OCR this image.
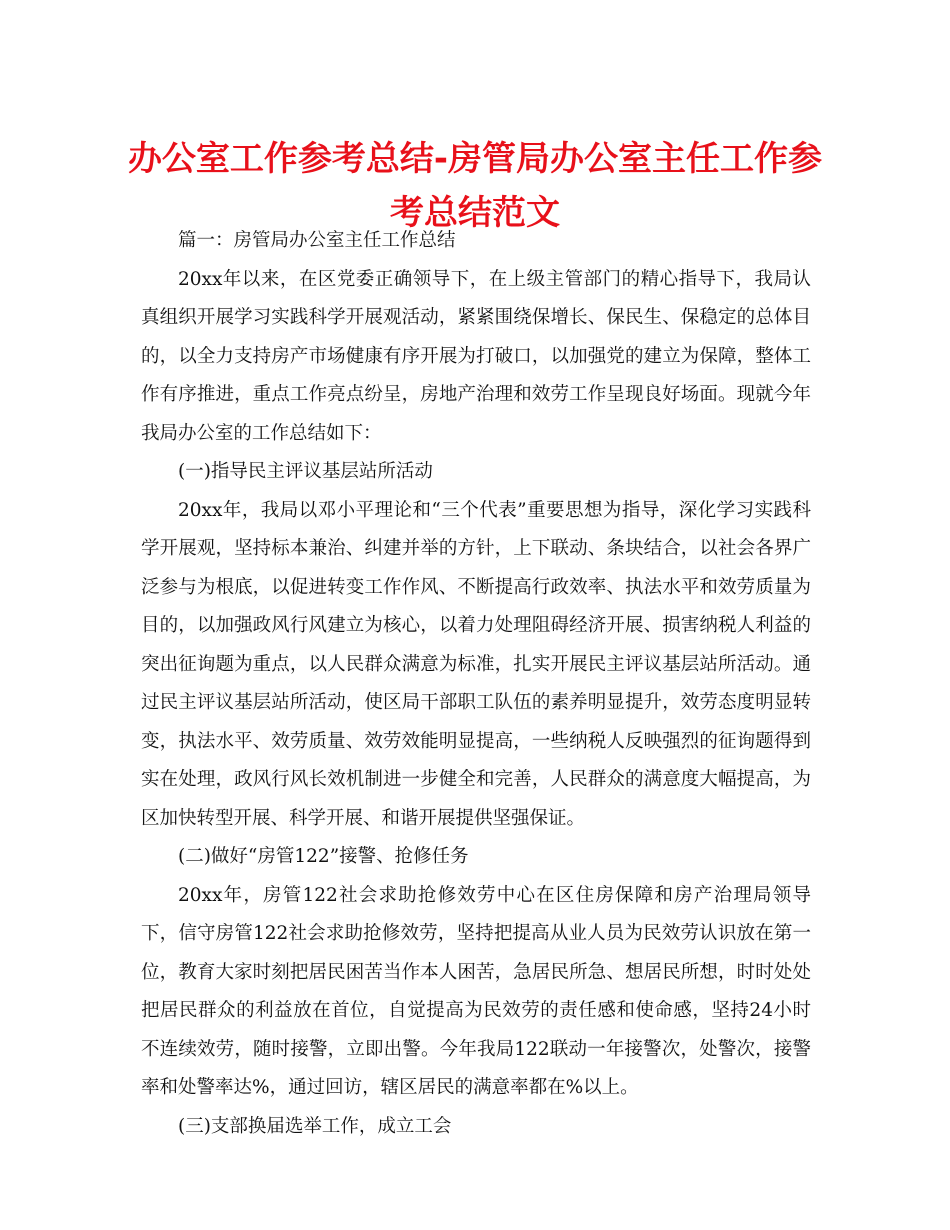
办公室工作参考总结-房管局办公室主任工作参考总结范文

篇一：房管局办公室主任工作总结

20xx年以来，在区党委正确领导下，在上级主管部门的精心指导下，我局认真组织开展学习实践科学开展观活动，紧紧围绕保增长、保民生、保稳定的总体目的，以全力支持房产市场健康有序开展为打破口，以加强党的建立为保障，整体工作有序推进，重点工作亮点纷呈，房地产治理和效劳工作呈现良好场面。现就今年我局办公室的工作总结如下：

(一)指导民主评议基层站所活动

20xx年，我局以邓小平理论和“三个代表”重要思想为指导，深化学习实践科学开展观，坚持标本兼治、纠建并举的方针，上下联动、条块结合，以社会各界广泛参与为根底，以促进转变工作作风、不断提高行政效率、执法水平和效劳质量为目的，以加强政风行风建立为核心，以着力处理阻碍经济开展、损害纳税人利益的突出征询题为重点，以人民群众满意为标准，扎实开展民主评议基层站所活动。通过民主评议基层站所活动，使区局干部职工队伍的素养明显提升，效劳态度明显转变，执法水平、效劳质量、效劳效能明显提高，一些纳税人反映强烈的征询题得到实在处理，政风行风长效机制进一步健全和完善，人民群众的满意度大幅提高，为区加快转型开展、科学开展、和谐开展提供坚强保证。

(二)做好“房管122”接警、抢修任务

20xx年，房管122社会求助抢修效劳中心在区住房保障和房产治理局领导下，信守房管122社会求助抢修效劳，坚持把提高从业人员为民效劳认识放在第一位，教育大家时刻把居民困苦当作本人困苦，急居民所急、想居民所想，时时处处把居民群众的利益放在首位，自觉提高为民效劳的责任感和使命感，坚持24小时不连续效劳，随时接警，立即出警。今年我局122联动一年接警次，处警次，接警率和处警率达%，通过回访，辖区居民的满意率都在%以上。

(三)支部换届选举工作，成立工会
